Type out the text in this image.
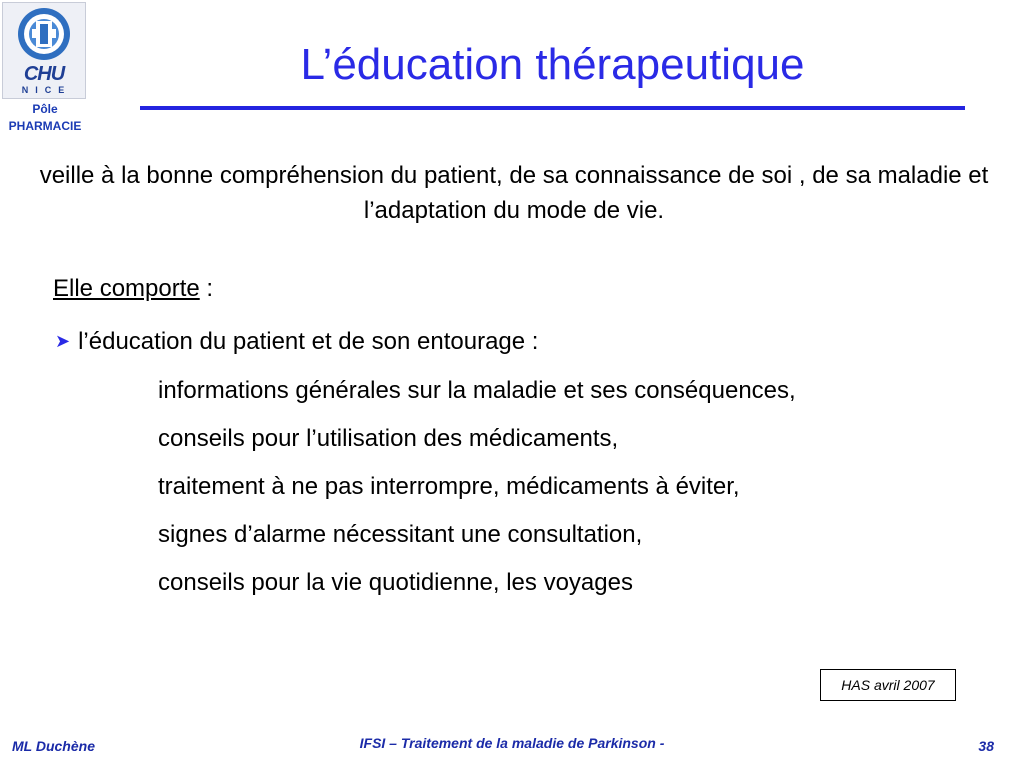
CHU
NICE
Pôle
PHARMACIE
L’éducation thérapeutique
veille à la bonne compréhension du patient, de sa connaissance de soi , de sa maladie et l’adaptation du mode de vie.
Elle comporte :
➤ l’éducation du patient et de son entourage :
informations générales sur la maladie et ses conséquences,
conseils pour l’utilisation des médicaments,
traitement à ne pas interrompre, médicaments à éviter,
signes d’alarme nécessitant une consultation,
conseils pour la vie quotidienne, les voyages
HAS avril 2007
ML Duchène	IFSI – Traitement de la maladie de Parkinson -	38
